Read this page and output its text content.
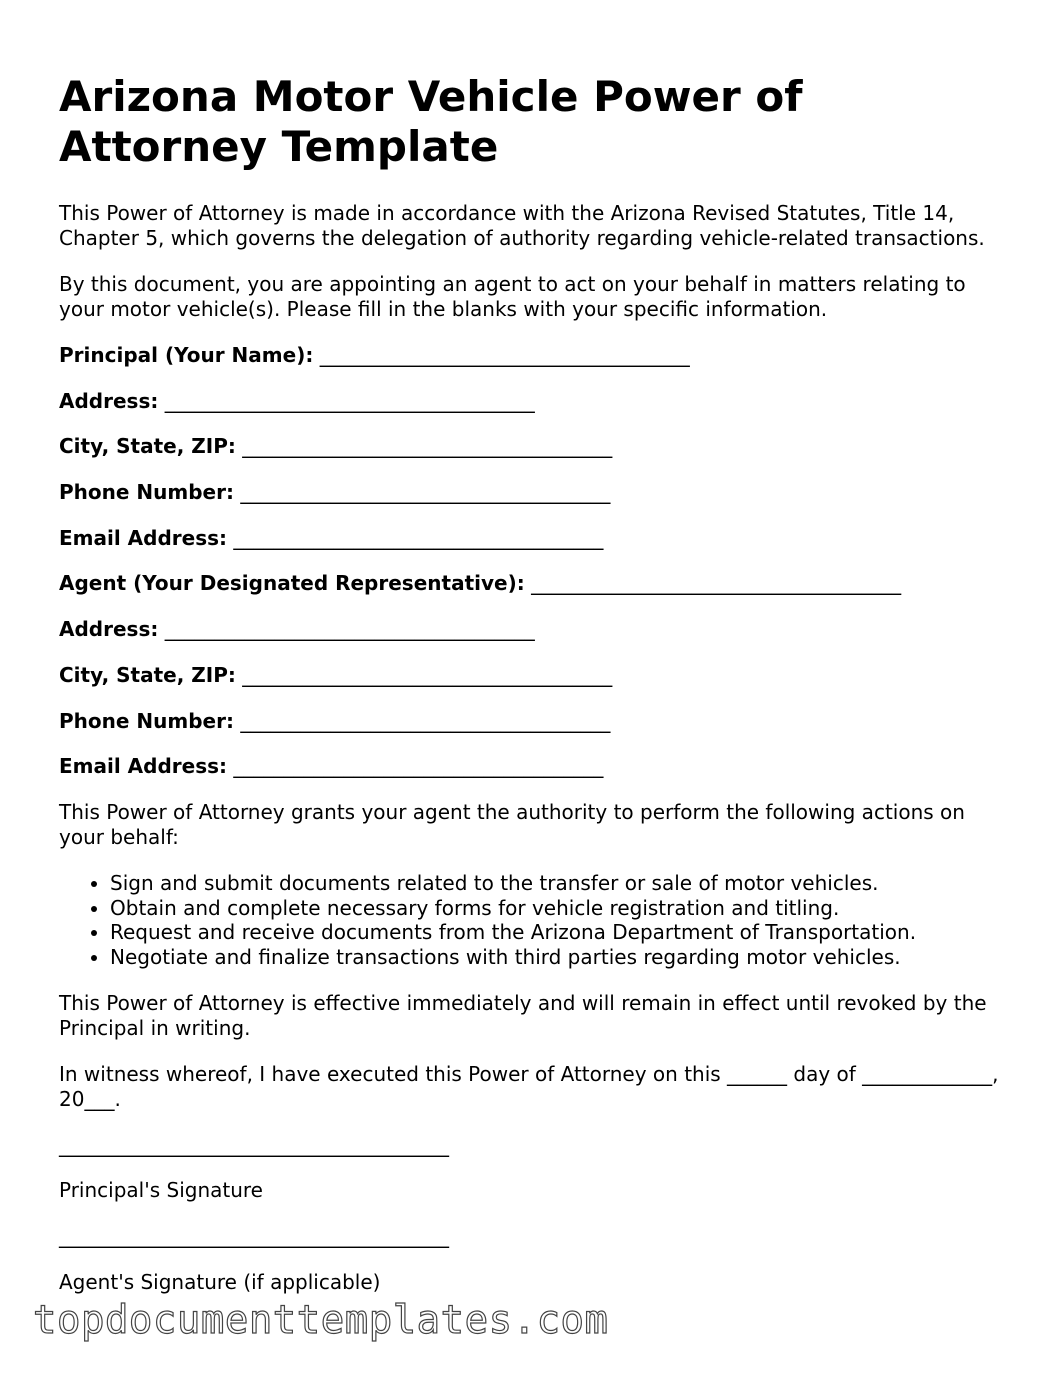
Arizona Motor Vehicle Power of Attorney Template

This Power of Attorney is made in accordance with the Arizona Revised Statutes, Title 14, Chapter 5, which governs the delegation of authority regarding vehicle-related transactions.

By this document, you are appointing an agent to act on your behalf in matters relating to your motor vehicle(s). Please fill in the blanks with your specific information.

Principal (Your Name): _____________________________________
Address: _____________________________________
City, State, ZIP: _____________________________________
Phone Number: _____________________________________
Email Address: _____________________________________
Agent (Your Designated Representative): _____________________________________
Address: _____________________________________
City, State, ZIP: _____________________________________
Phone Number: _____________________________________
Email Address: _____________________________________

This Power of Attorney grants your agent the authority to perform the following actions on your behalf:

• Sign and submit documents related to the transfer or sale of motor vehicles.
• Obtain and complete necessary forms for vehicle registration and titling.
• Request and receive documents from the Arizona Department of Transportation.
• Negotiate and finalize transactions with third parties regarding motor vehicles.

This Power of Attorney is effective immediately and will remain in effect until revoked by the Principal in writing.

In witness whereof, I have executed this Power of Attorney on this ______ day of _____________, 20___.

_______________________________________
Principal's Signature
_______________________________________
Agent's Signature (if applicable)
topdocumenttemplates.com
